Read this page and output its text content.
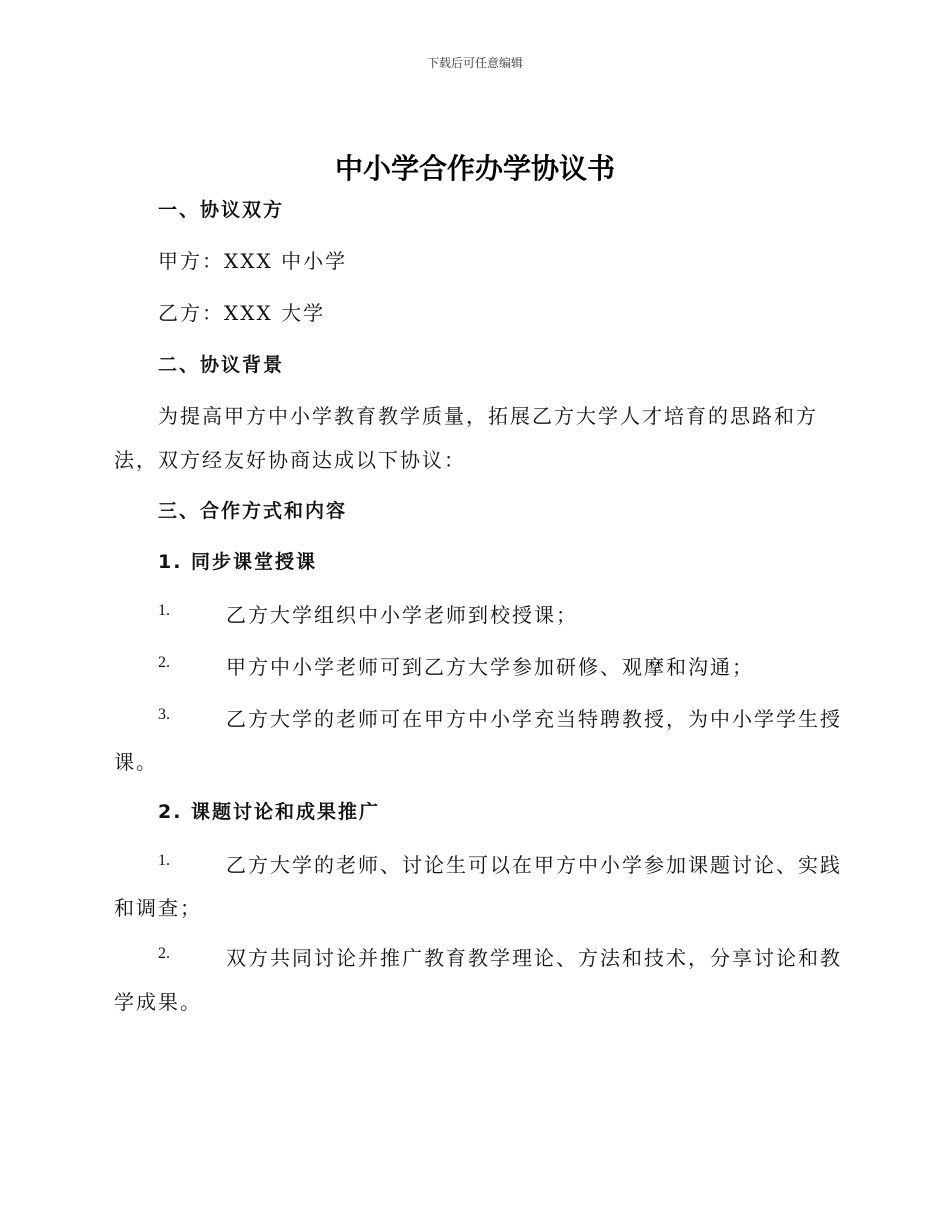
下载后可任意编辑
中小学合作办学协议书
一、协议双方
甲方：XXX 中小学
乙方：XXX 大学
二、协议背景
为提高甲方中小学教育教学质量，拓展乙方大学人才培育的思路和方
法，双方经友好协商达成以下协议：
三、合作方式和内容
1. 同步课堂授课
1.	乙方大学组织中小学老师到校授课；
2.	甲方中小学老师可到乙方大学参加研修、观摩和沟通；
3.	乙方大学的老师可在甲方中小学充当特聘教授，为中小学学生授
课。
2. 课题讨论和成果推广
1.	乙方大学的老师、讨论生可以在甲方中小学参加课题讨论、实践
和调查；
2.	双方共同讨论并推广教育教学理论、方法和技术，分享讨论和教
学成果。
